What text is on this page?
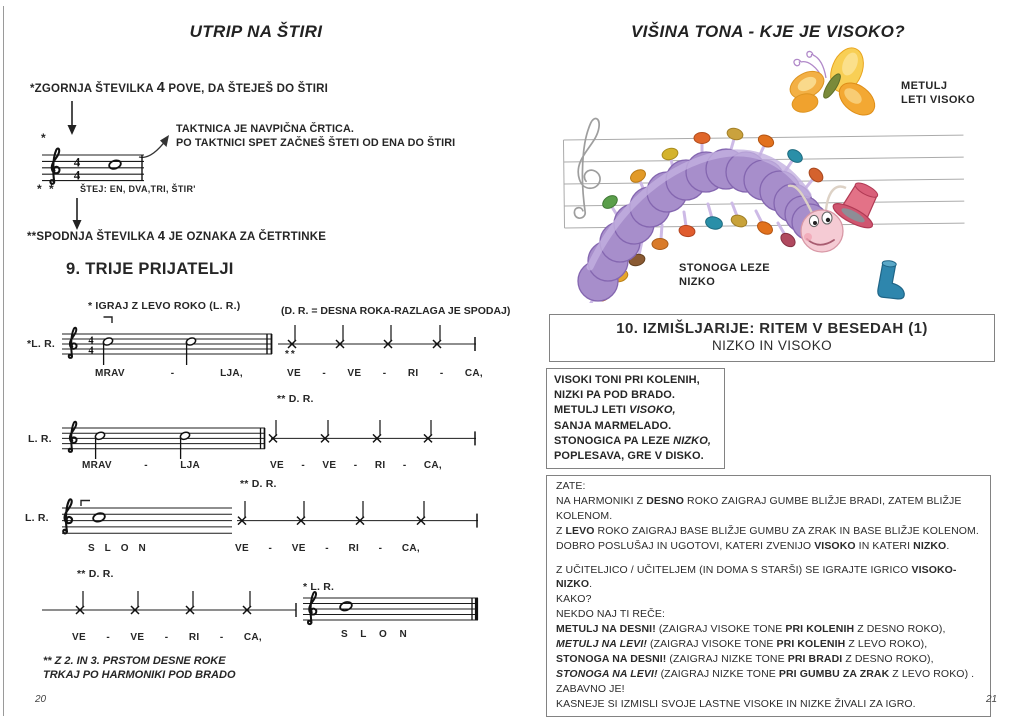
UTRIP NA ŠTIRI
*ZGORNJA ŠTEVILKA 4 POVE, DA ŠTEJEŠ DO ŠTIRI
TAKTNICA JE NAVPIČNA ČRTICA.
PO TAKTNICI SPET ZAČNEŠ ŠTETI OD ENA DO ŠTIRI
*
4
4
* *	ŠTEJ: EN, DVA,TRI, ŠTIR'
**SPODNJA ŠTEVILKA 4 JE OZNAKA ZA ČETRTINKE
9. TRIJE PRIJATELJI
* IGRAJ Z LEVO ROKO (L. R.)	(D. R. = DESNA ROKA-RAZLAGA JE SPODAJ)
*L. R.	4
4	**
MRAV	-	LJA,	VE - VE - RI - CA,
** D. R.
L. R.
MRAV	-	LJA	VE - VE - RI - CA,
** D. R.
L. R.
S L O N	VE - VE - RI - CA,
** D. R.
* L. R.
VE - VE - RI - CA,	S L O N
** Z 2. IN 3. PRSTOM DESNE ROKE
TRKAJ PO HARMONIKI POD BRADO
20
VIŠINA TONA - KJE JE VISOKO?
METULJ
LETI VISOKO
STONOGA LEZE
NIZKO
10. IZMIŠLJARIJE: RITEM V BESEDAH (1)
NIZKO IN VISOKO
VISOKI TONI PRI KOLENIH,
NIZKI PA POD BRADO.
METULJ LETI VISOKO,
SANJA MARMELADO.
STONOGICA PA LEZE NIZKO,
POPLESAVA, GRE V DISKO.
ZATE:
NA HARMONIKI Z DESNO ROKO ZAIGRAJ GUMBE BLIŽJE BRADI, ZATEM BLIŽJE
KOLENOM.
Z LEVO ROKO ZAIGRAJ BASE BLIŽJE GUMBU ZA ZRAK IN BASE BLIŽJE KOLENOM.
DOBRO POSLUŠAJ IN UGOTOVI, KATERI ZVENIJO VISOKO IN KATERI NIZKO.
Z UČITELJICO / UČITELJEM (IN DOMA S STARŠI) SE IGRAJTE IGRICO VISOKO-NIZKO.
KAKO?
NEKDO NAJ TI REČE:
METULJ NA DESNI! (ZAIGRAJ VISOKE TONE PRI KOLENIH Z DESNO ROKO),
METULJ NA LEVI! (ZAIGRAJ VISOKE TONE PRI KOLENIH Z LEVO ROKO),
STONOGA NA DESNI! (ZAIGRAJ NIZKE TONE PRI BRADI Z DESNO ROKO),
STONOGA NA LEVI! (ZAIGRAJ NIZKE TONE PRI GUMBU ZA ZRAK Z LEVO ROKO) .
ZABAVNO JE!
KASNEJE SI IZMISLI SVOJE LASTNE VISOKE IN NIZKE ŽIVALI ZA IGRO.	21
